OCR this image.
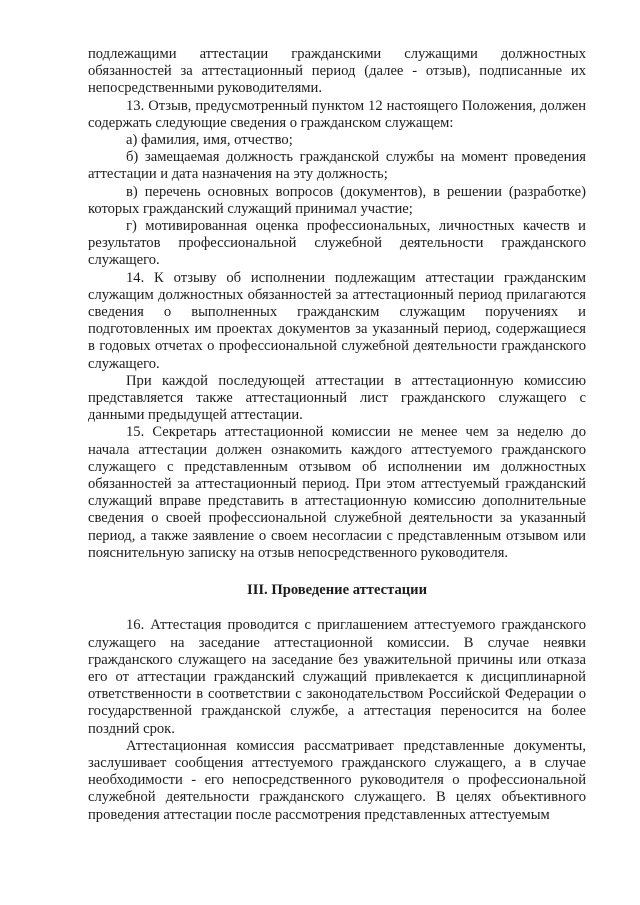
подлежащими аттестации гражданскими служащими должностных обязанностей за аттестационный период (далее - отзыв), подписанные их непосредственными руководителями.

13. Отзыв, предусмотренный пунктом 12 настоящего Положения, должен содержать следующие сведения о гражданском служащем:

а) фамилия, имя, отчество;

б) замещаемая должность гражданской службы на момент проведения аттестации и дата назначения на эту должность;

в) перечень основных вопросов (документов), в решении (разработке) которых гражданский служащий принимал участие;

г) мотивированная оценка профессиональных, личностных качеств и результатов профессиональной служебной деятельности гражданского служащего.

14. К отзыву об исполнении подлежащим аттестации гражданским служащим должностных обязанностей за аттестационный период прилагаются сведения о выполненных гражданским служащим поручениях и подготовленных им проектах документов за указанный период, содержащиеся в годовых отчетах о профессиональной служебной деятельности гражданского служащего.

При каждой последующей аттестации в аттестационную комиссию представляется также аттестационный лист гражданского служащего с данными предыдущей аттестации.

15. Секретарь аттестационной комиссии не менее чем за неделю до начала аттестации должен ознакомить каждого аттестуемого гражданского служащего с представленным отзывом об исполнении им должностных обязанностей за аттестационный период. При этом аттестуемый гражданский служащий вправе представить в аттестационную комиссию дополнительные сведения о своей профессиональной служебной деятельности за указанный период, а также заявление о своем несогласии с представленным отзывом или пояснительную записку на отзыв непосредственного руководителя.

III. Проведение аттестации

16. Аттестация проводится с приглашением аттестуемого гражданского служащего на заседание аттестационной комиссии. В случае неявки гражданского служащего на заседание без уважительной причины или отказа его от аттестации гражданский служащий привлекается к дисциплинарной ответственности в соответствии с законодательством Российской Федерации о государственной гражданской службе, а аттестация переносится на более поздний срок.

Аттестационная комиссия рассматривает представленные документы, заслушивает сообщения аттестуемого гражданского служащего, а в случае необходимости - его непосредственного руководителя о профессиональной служебной деятельности гражданского служащего. В целях объективного проведения аттестации после рассмотрения представленных аттестуемым
